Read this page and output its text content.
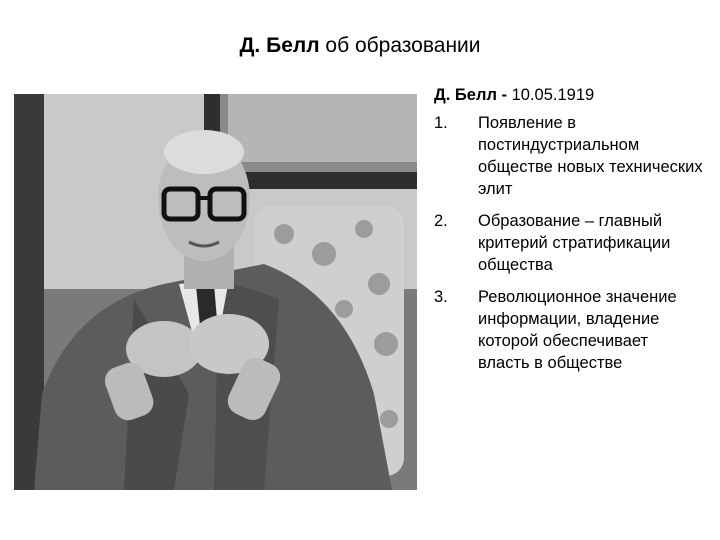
Д. Белл об образовании
Д. Белл - 10.05.1919
1.	Появление в постиндустриальном обществе новых технических элит
2.	Образование – главный критерий стратификации общества
3.	Революционное значение информации, владение которой обеспечивает власть в обществе
